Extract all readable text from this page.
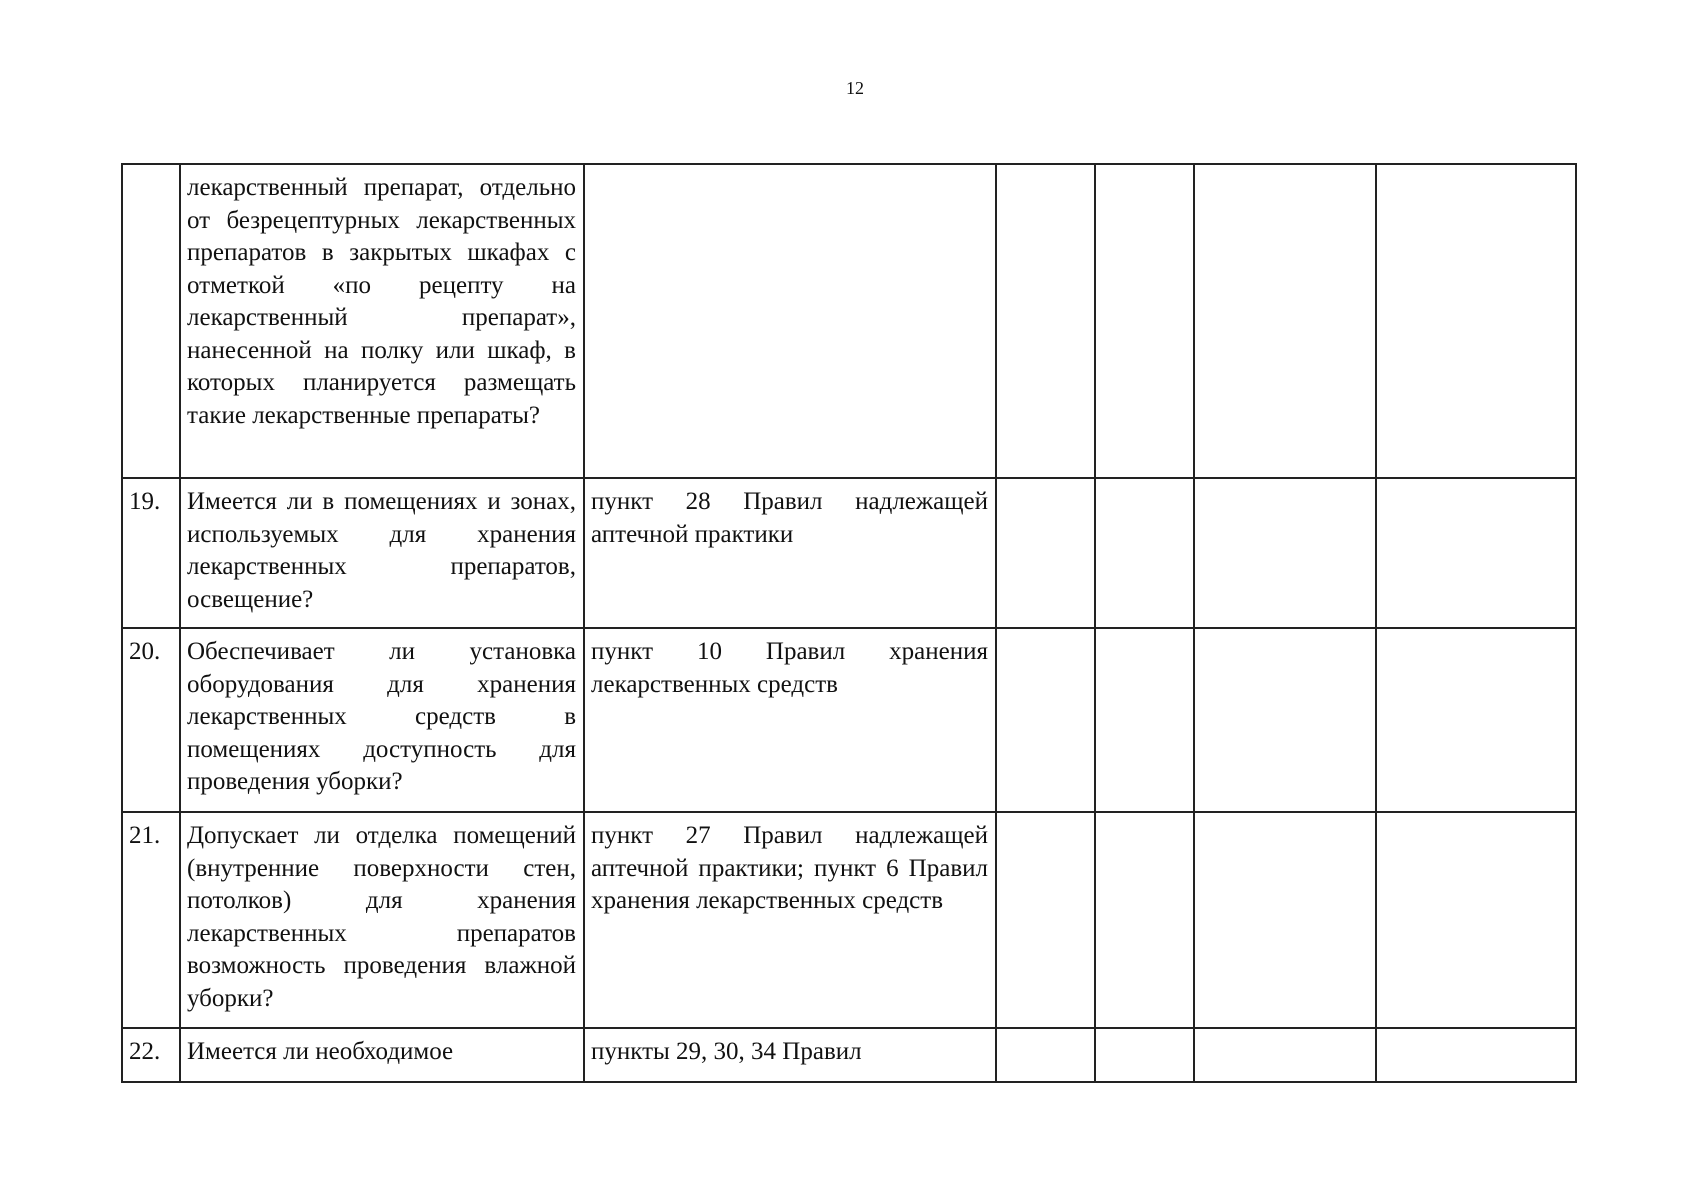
12

	лекарственный препарат, отдельно от безрецептурных лекарственных препаратов в закрытых шкафах с отметкой «по рецепту на лекарственный препарат», нанесенной на полку или шкаф, в которых планируется размещать такие лекарственные препараты?					

19.	Имеется ли в помещениях и зонах, используемых для хранения лекарственных препаратов, освещение?	пункт 28 Правил надлежащей аптечной практики				

20.	Обеспечивает ли установка оборудования для хранения лекарственных средств в помещениях доступность для проведения уборки?	пункт 10 Правил хранения лекарственных средств				

21.	Допускает ли отделка помещений (внутренние поверхности стен, потолков) для хранения лекарственных препаратов возможность проведения влажной уборки?	пункт 27 Правил надлежащей аптечной практики; пункт 6 Правил хранения лекарственных средств				

22.	Имеется ли необходимое	пункты 29, 30, 34 Правил				
